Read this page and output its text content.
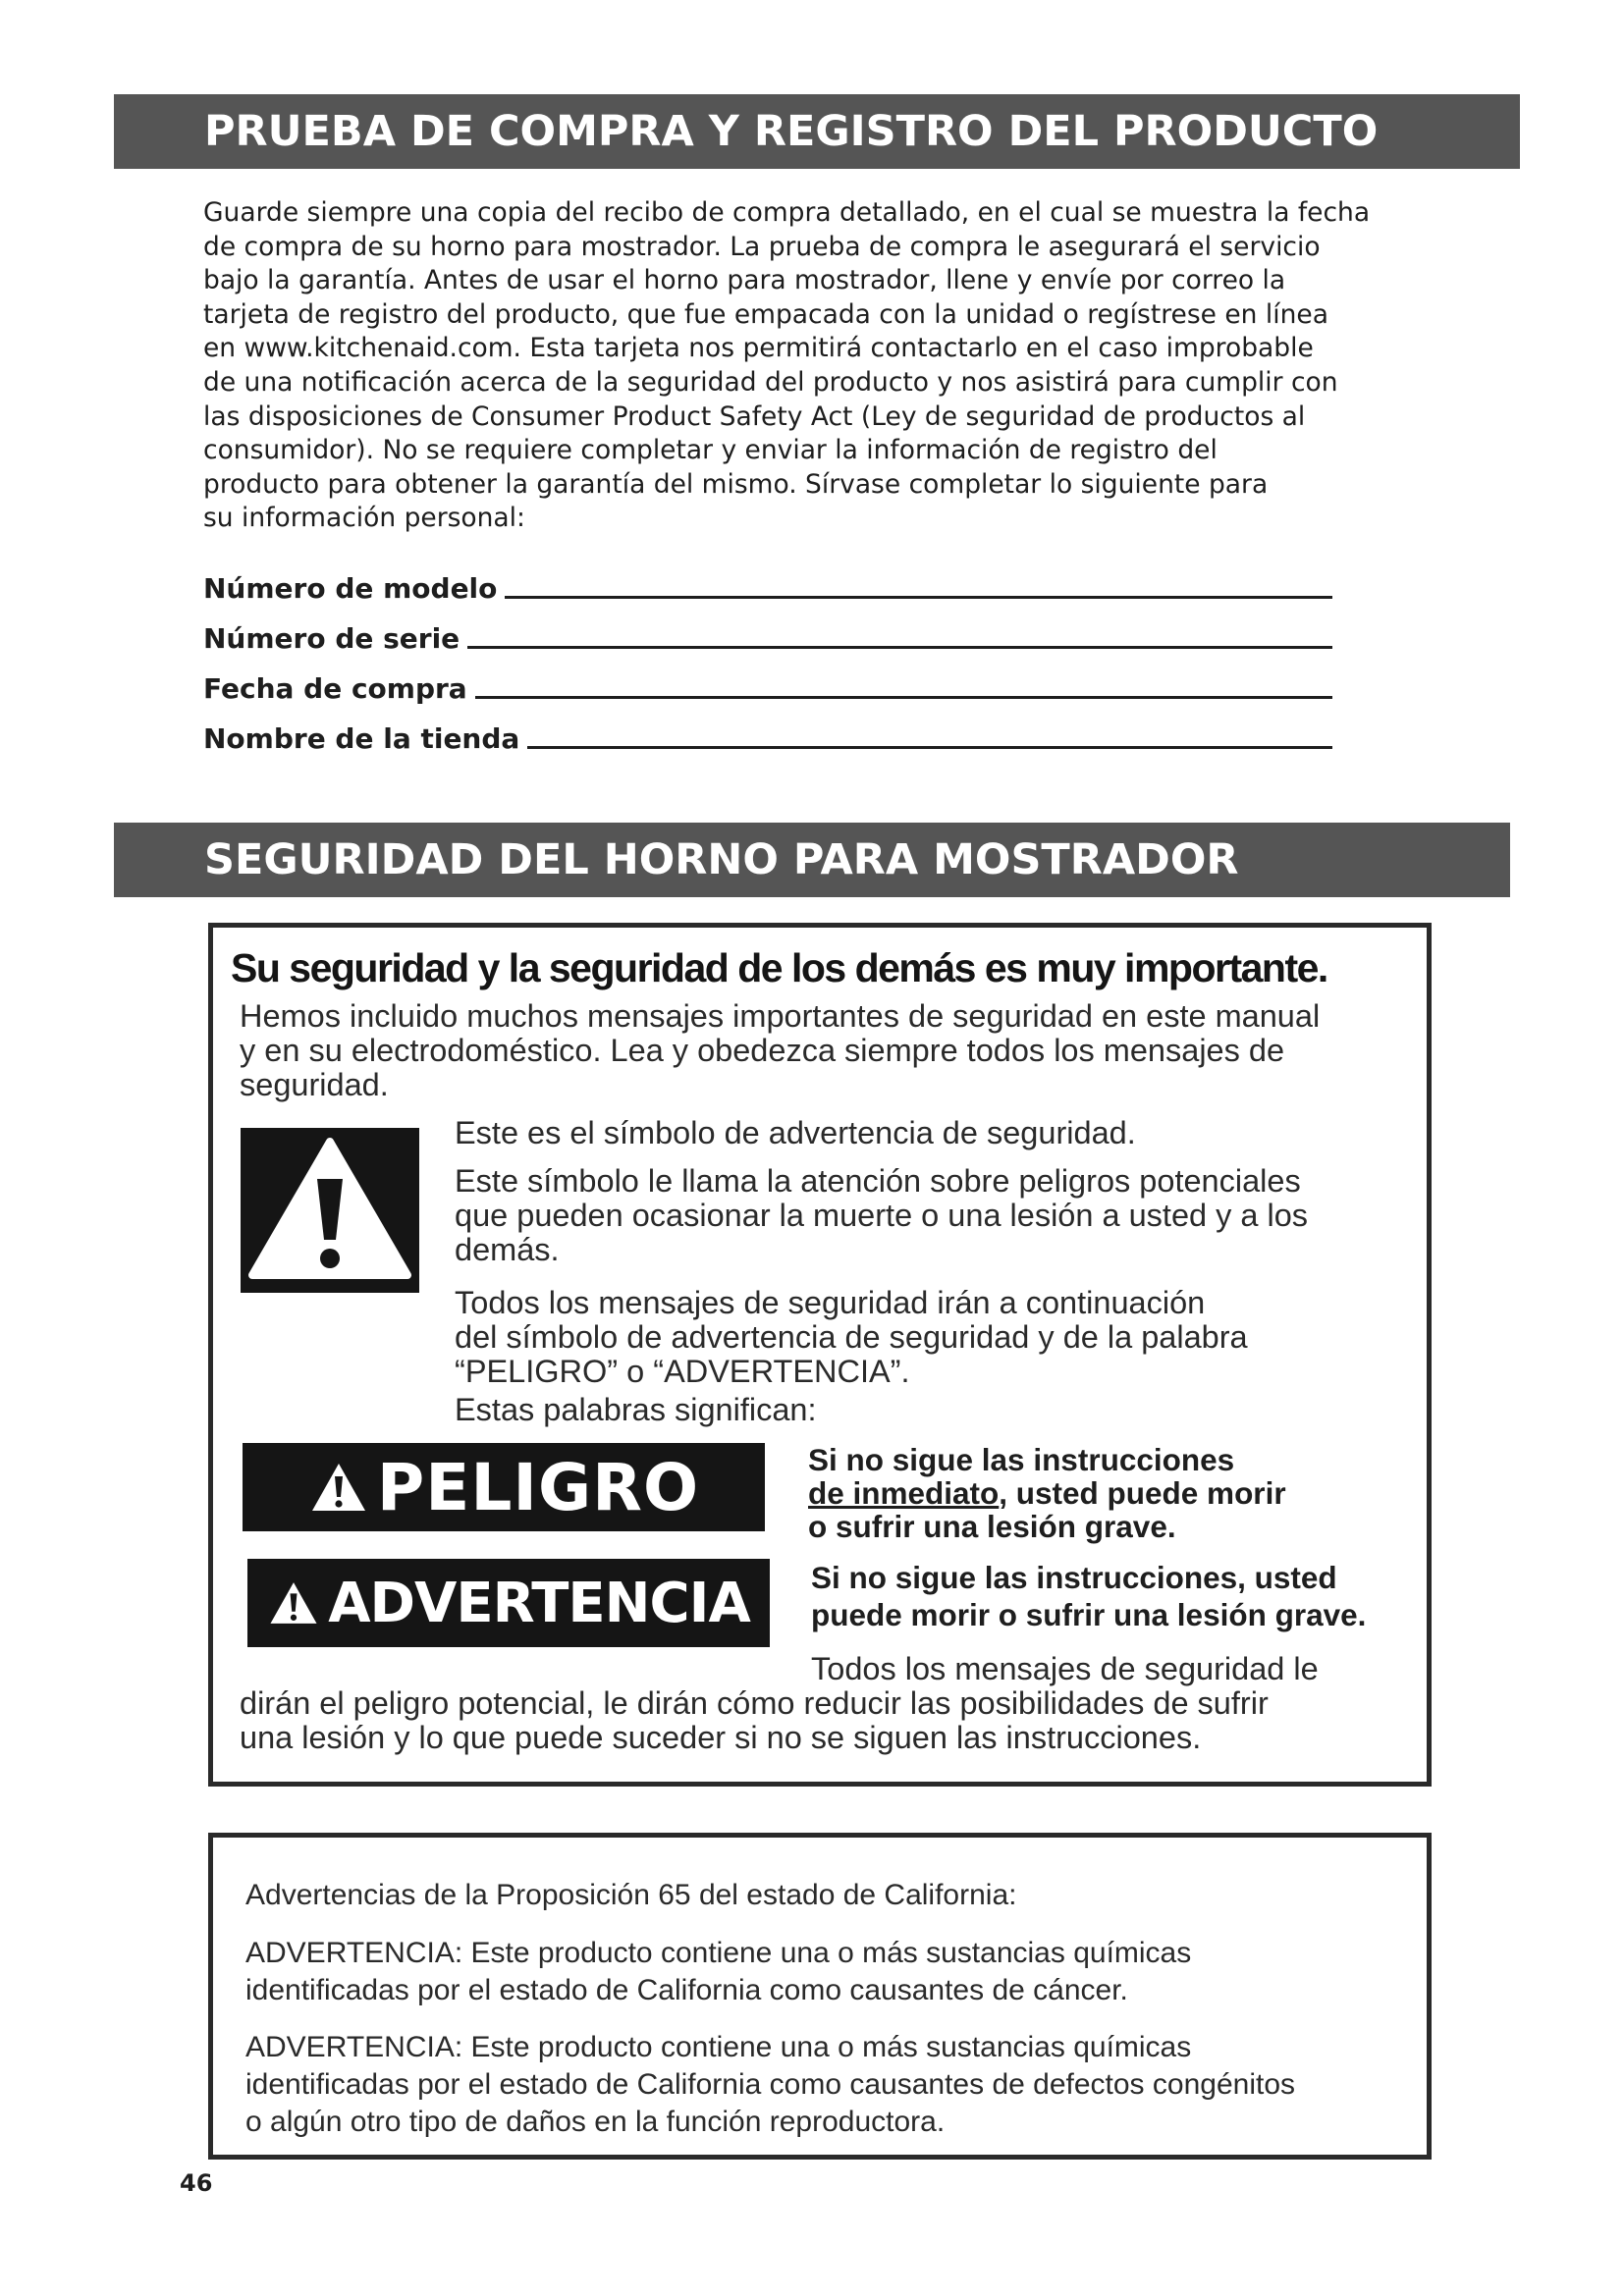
PRUEBA DE COMPRA Y REGISTRO DEL PRODUCTO

Guarde siempre una copia del recibo de compra detallado, en el cual se muestra la fecha
de compra de su horno para mostrador. La prueba de compra le asegurará el servicio
bajo la garantía. Antes de usar el horno para mostrador, llene y envíe por correo la
tarjeta de registro del producto, que fue empacada con la unidad o regístrese en línea
en www.kitchenaid.com. Esta tarjeta nos permitirá contactarlo en el caso improbable
de una notificación acerca de la seguridad del producto y nos asistirá para cumplir con
las disposiciones de Consumer Product Safety Act (Ley de seguridad de productos al
consumidor). No se requiere completar y enviar la información de registro del
producto para obtener la garantía del mismo. Sírvase completar lo siguiente para
su información personal:

Número de modelo
Número de serie
Fecha de compra
Nombre de la tienda
SEGURIDAD DEL HORNO PARA MOSTRADOR
Su seguridad y la seguridad de los demás es muy importante.
Hemos incluido muchos mensajes importantes de seguridad en este manual
y en su electrodoméstico. Lea y obedezca siempre todos los mensajes de
seguridad.
Este es el símbolo de advertencia de seguridad.
Este símbolo le llama la atención sobre peligros potenciales
que pueden ocasionar la muerte o una lesión a usted y a los
demás.
Todos los mensajes de seguridad irán a continuación
del símbolo de advertencia de seguridad y de la palabra
“PELIGRO” o “ADVERTENCIA”.
Estas palabras significan:
PELIGRO	Si no sigue las instrucciones
de inmediato, usted puede morir
o sufrir una lesión grave.
ADVERTENCIA Si no sigue las instrucciones, usted
puede morir o sufrir una lesión grave.
Todos los mensajes de seguridad le
dirán el peligro potencial, le dirán cómo reducir las posibilidades de sufrir
una lesión y lo que puede suceder si no se siguen las instrucciones.
Advertencias de la Proposición 65 del estado de California:
ADVERTENCIA: Este producto contiene una o más sustancias químicas
identificadas por el estado de California como causantes de cáncer.
ADVERTENCIA: Este producto contiene una o más sustancias químicas
identificadas por el estado de California como causantes de defectos congénitos
o algún otro tipo de daños en la función reproductora.
46
